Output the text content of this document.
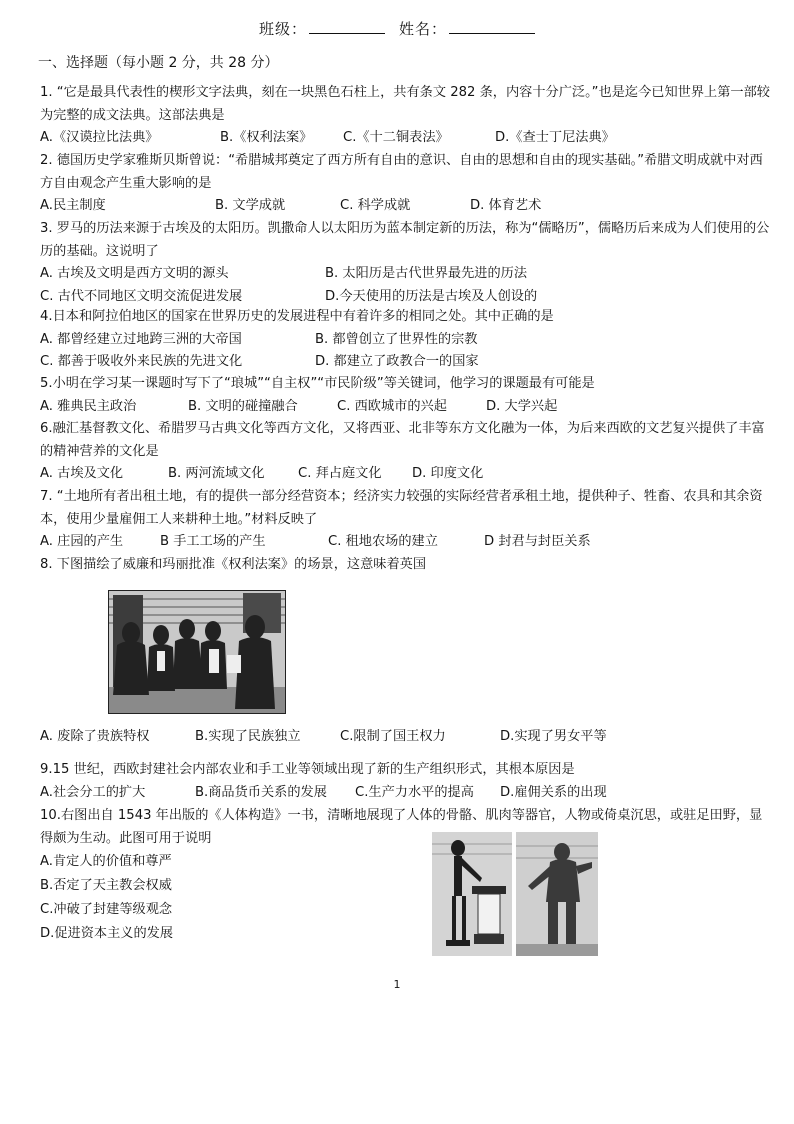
班级：	姓名：
一、选择题（每小题 2 分，共 28 分）

1. “它是最具代表性的楔形文字法典，刻在一块黑色石柱上，共有条文 282 条，内容十分广泛。”也是迄今已知世界上第一部较为完整的成文法典。这部法典是

A.《汉谟拉比法典》	B.《权利法案》 C.《十二铜表法》	D.《查士丁尼法典》

2. 德国历史学家雅斯贝斯曾说：“希腊城邦奠定了西方所有自由的意识、自由的思想和自由的现实基础。”希腊文明成就中对西方自由观念产生重大影响的是

A.民主制度	B. 文学成就	C. 科学成就	D. 体育艺术

3. 罗马的历法来源于古埃及的太阳历。凯撒命人以太阳历为蓝本制定新的历法，称为“儒略历”，儒略历后来成为人们使用的公历的基础。这说明了

A. 古埃及文明是西方文明的源头	B. 太阳历是古代世界最先进的历法
C. 古代不同地区文明交流促进发展	D.今天使用的历法是古埃及人创设的

4.日本和阿拉伯地区的国家在世界历史的发展进程中有着许多的相同之处。其中正确的是

A. 都曾经建立过地跨三洲的大帝国	B. 都曾创立了世界性的宗教
C. 都善于吸收外来民族的先进文化	D. 都建立了政教合一的国家

5.小明在学习某一课题时写下了“琅城”“自主权”“市民阶级”等关键词，他学习的课题最有可能是

A. 雅典民主政治	B. 文明的碰撞融合	C. 西欧城市的兴起	D. 大学兴起

6.融汇基督教文化、希腊罗马古典文化等西方文化，又将西亚、北非等东方文化融为一体，为后来西欧的文艺复兴提供了丰富的精神营养的文化是

A. 古埃及文化	B. 两河流域文化	C. 拜占庭文化 D. 印度文化

7. “土地所有者出租土地，有的提供一部分经营资本；经济实力较强的实际经营者承租土地，提供种子、牲畜、农具和其余资本，使用少量雇佣工人来耕种土地。”材料反映了

A. 庄园的产生	B 手工工场的产生	C. 租地农场的建立	D 封君与封臣关系

8. 下图描绘了威廉和玛丽批准《权利法案》的场景，这意味着英国

A. 废除了贵族特权	B.实现了民族独立	C.限制了国王权力	D.实现了男女平等

9.15 世纪，西欧封建社会内部农业和手工业等领域出现了新的生产组织形式，其根本原因是

A.社会分工的扩大	B.商品货币关系的发展 C.生产力水平的提高 D.雇佣关系的出现

10.右图出自 1543 年出版的《人体构造》一书，清晰地展现了人体的骨骼、肌肉等器官，人物或倚桌沉思，或驻足田野，显得颇为生动。此图可用于说明

A.肯定人的价值和尊严
B.否定了天主教会权威
C.冲破了封建等级观念
D.促进资本主义的发展
1
